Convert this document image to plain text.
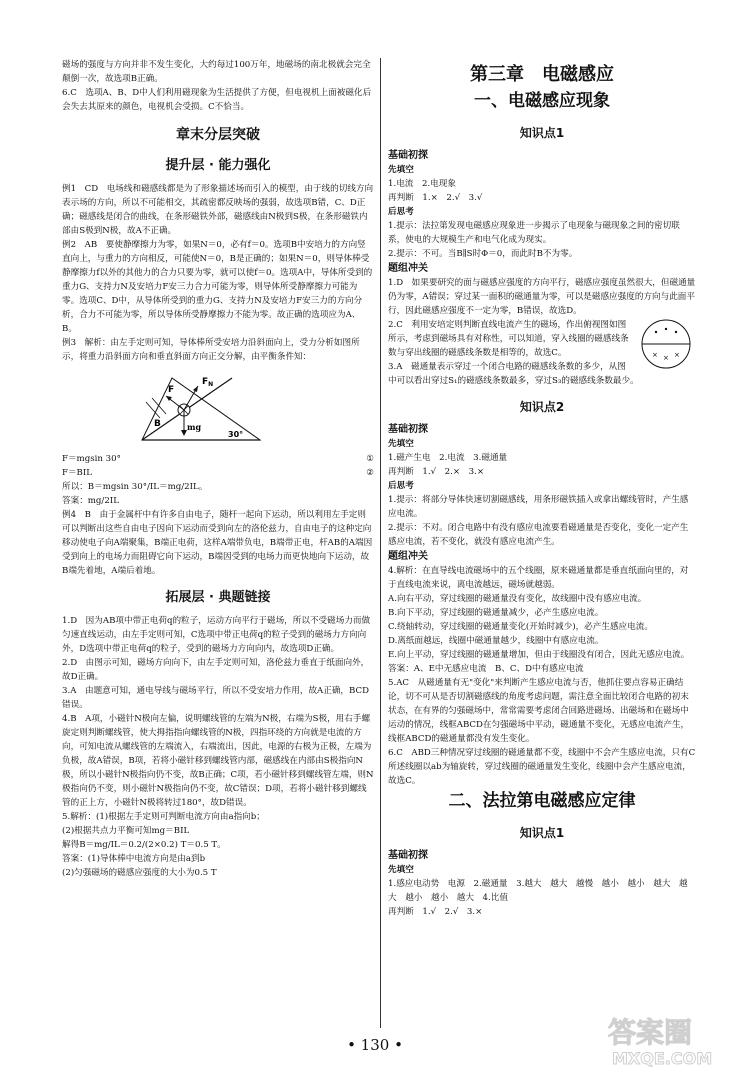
磁场的强度与方向并非不发生变化，大约每过100万年，地磁场的南北极就会完全颠倒一次，故选项B正确。

6.C　选项A、B、D中人们利用磁现象为生活提供了方便，但电视机上面被磁化后会失去其原来的颜色，电视机会受损。C不恰当。

章末分层突破
提升层 · 能力强化

例1　CD　电场线和磁感线都是为了形象描述场而引入的模型，由于线的切线方向表示场的方向，所以不可能相交，其疏密都反映场的强弱，故选项B错，C、D正确；磁感线是闭合的曲线，在条形磁铁外部，磁感线由N极到S极，在条形磁铁内部由S极到N极，故A不正确。

例2　AB　要使静摩擦力为零，如果N＝0，必有f＝0。选项B中安培力的方向竖直向上，与重力的方向相反，可能使N＝0，B是正确的；如果N＝0，则导体棒受静摩擦力f以外的其他力的合力只要为零，就可以使f＝0。选项A中，导体所受到的重力G、支持力N及安培力F安三力合力可能为零，则导体所受静摩擦力可能为零。选项C、D中，从导体所受到的重力G、支持力N及安培力F安三力的方向分析，合力不可能为零，所以导体所受静摩擦力不能为零。故正确的选项应为A、B。

例3　解析：由左手定则可知，导体棒所受安培力沿斜面向上，受力分析如图所示，将重力沿斜面方向和垂直斜面方向正交分解，由平衡条件知：

$F_N$
F
B	mg
30°
F＝mgsin 30°	①
F＝BIL	②

所以：B＝mgsin 30°/IL＝mg/2IL。

答案：mg/2IL

例4　B　由于金属杆中有许多自由电子，随杆一起向下运动，所以利用左手定则可以判断出这些自由电子因向下运动而受到向左的洛伦兹力，自由电子的这种定向移动使电子向A端聚集，B端正电荷，这样A端带负电，B端带正电，杆AB的A端因受到向上的电场力而阻碍它向下运动，B端因受到的电场力而更快地向下运动，故B端先着地，A端后着地。

拓展层 · 典题链接

1.D　因为AB项中带正电荷q的粒子，运动方向平行于磁场，所以不受磁场力而做匀速直线运动，由左手定则可知，C选项中带正电荷q的粒子受到的磁场力方向向外，D选项中带正电荷q的粒子，受到的磁场力方向向内，故选项D正确。

2.D　由图示可知，磁场方向向下，由左手定则可知，洛伦兹力垂直于纸面向外，故D正确。

3.A　由题意可知，通电导线与磁场平行，所以不受安培力作用，故A正确，BCD错误。

4.B　A项，小磁针N极向左偏，说明螺线管的左端为N极，右端为S极，用右手螺旋定则判断螺线管，使大拇指指向螺线管的N极，四指环绕的方向就是电流的方向，可知电流从螺线管的左端流入，右端流出，因此，电源的右极为正极，左端为负极，故A错误，B项，若将小磁针移到螺线管内部，磁感线在内部由S极指向N极，所以小磁针N极指向仍不变，故B正确；C项，若小磁针移到螺线管左端，则N极指向仍不变，则小磁针N极指向仍不变，故C错误；D项，若将小磁针移到螺线管的正上方，小磁针N极将转过180°，故D错误。

5.解析：(1)根据左手定则可判断电流方向由a指向b；

(2)根据共点力平衡可知mg＝BIL

解得B＝mg/IL＝0.2/(2×0.2) T＝0.5 T。

答案：(1)导体棒中电流方向是由a到b

(2)匀强磁场的磁感应强度的大小为0.5 T

第三章　电磁感应
一、电磁感应现象
知识点1
基础初探

先填空

1.电流　2.电现象

再判断　1.×　2.√　3.√

后思考

1.提示：法拉第发现电磁感应现象进一步揭示了电现象与磁现象之间的密切联系，使电的大规模生产和电气化成为现实。

2.提示：不可。当B∥S时Φ＝0，而此时B不为零。

题组冲关

1.D　如果要研究的面与磁感应强度的方向平行，磁感应强度虽然很大，但磁通量仍为零，A错误；穿过某一面积的磁通量为零，可以是磁感应强度的方向与此面平行，因此磁感应强度不一定为零，B错误，故选D。

× × ×

2.C　利用安培定则判断直线电流产生的磁场，作出俯视图如图所示，考虑到磁场具有对称性，可以知道，穿入线圈的磁感线条数与穿出线圈的磁感线条数是相等的，故选C。

3.A　磁通量表示穿过一个闭合电路的磁感线条数的多少，从图中可以看出穿过S₁的磁感线条数最多，穿过S₃的磁感线条数最少。

知识点2
基础初探

先填空

1.磁产生电　2.电流　3.磁通量

再判断　1.√　2.×　3.×

后思考

1.提示：将部分导体快速切割磁感线，用条形磁铁插入或拿出螺线管时，产生感应电流。

2.提示：不对。闭合电路中有没有感应电流要看磁通量是否变化，变化一定产生感应电流，若不变化，就没有感应电流产生。

题组冲关

4.解析：在直导线电流磁场中的五个线圈，原来磁通量都是垂直纸面向里的，对于直线电流来说，离电流越远，磁场就越弱。

A.向右平动，穿过线圈的磁通量没有变化，故线圈中没有感应电流。

B.向下平动，穿过线圈的磁通量减少，必产生感应电流。

C.绕轴转动，穿过线圈的磁通量变化(开始时减少)，必产生感应电流。

D.离纸面越远，线圈中磁通量越少，线圈中有感应电流。

E.向上平动，穿过线圈的磁通量增加，但由于线圈没有闭合，因此无感应电流。

答案：A、E中无感应电流　B、C、D中有感应电流

5.AC　从磁通量有无"变化"来判断产生感应电流与否，他抓住要点容易正确结论，切不可从是否切割磁感线的角度考虑问题，需注意全面比较闭合电路的初末状态，在有界的匀强磁场中，常常需要考虑闭合回路进磁场、出磁场和在磁场中运动的情况，线框ABCD在匀强磁场中平动，磁通量不变化，无感应电流产生，线框ABCD的磁通量都没有发生变化。

6.C　ABD三种情况穿过线圈的磁通量都不变，线圈中不会产生感应电流，只有C所述线圈以ab为轴旋转，穿过线圈的磁通量发生变化，线圈中会产生感应电流，故选C。

二、法拉第电磁感应定律
知识点1
基础初探

先填空

1.感应电动势　电源　2.磁通量　3.越大　越大　越慢　越小　越小　越大　越大　越小　越小　越大　4.比值

再判断　1.√　2.√　3.×

• 130 •	答案圈
MXQE.COM
